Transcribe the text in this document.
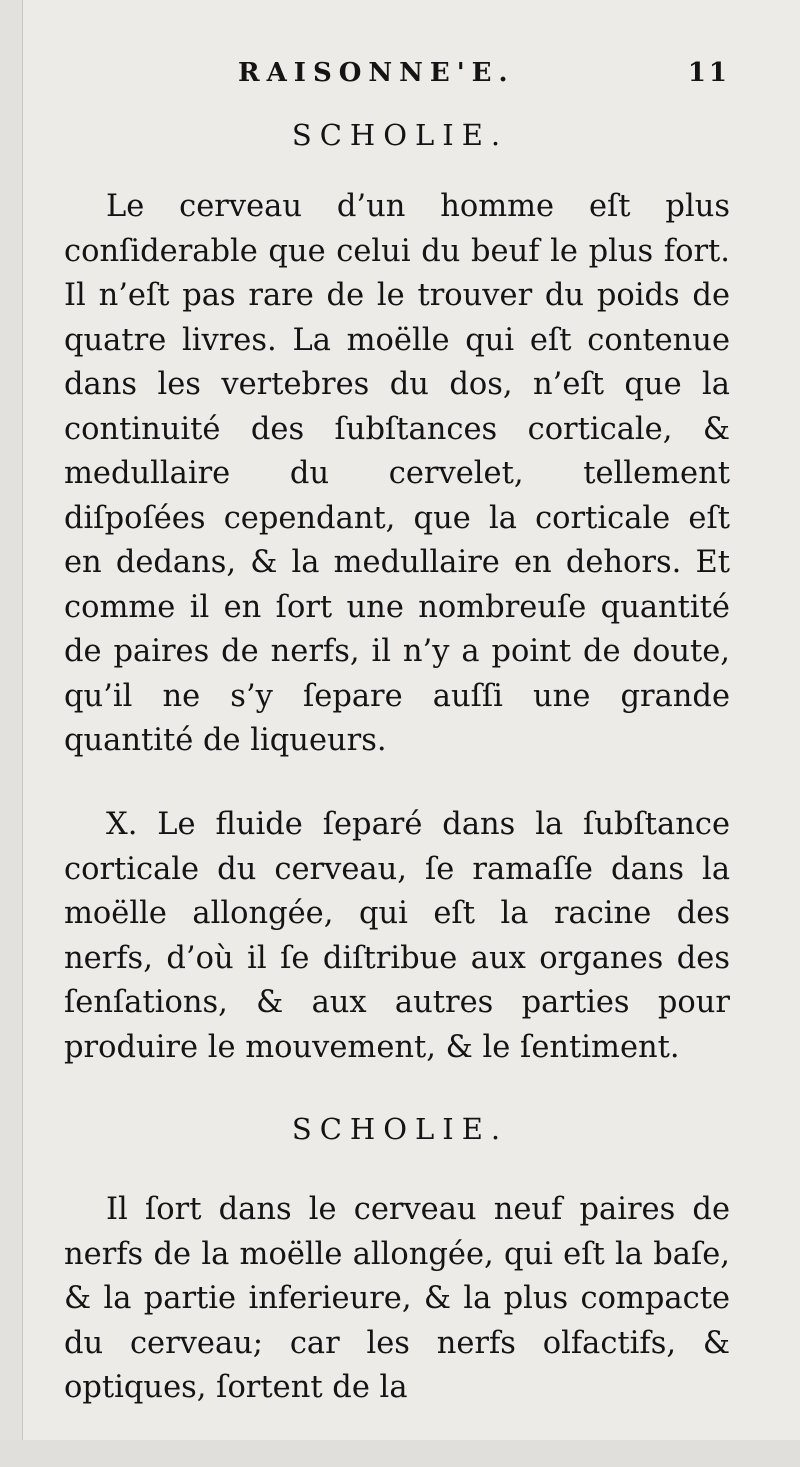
RAISONNE'E.	11
SCHOLIE.
Le cerveau d’un homme eſt plus conſiderable que celui du beuf le plus fort. Il n’eſt pas rare de le trouver du poids de quatre livres. La moëlle qui eſt contenue dans les vertebres du dos, n’eſt que la continuité des ſubſtances corticale, & medullaire du cervelet, tellement diſpoſées cependant, que la corticale eſt en dedans, & la medullaire en dehors. Et comme il en ſort une nombreuſe quantité de paires de nerfs, il n’y a point de doute, qu’il ne s’y ſepare auſſi une grande quantité de liqueurs.
X. Le fluide ſeparé dans la ſubſtance corticale du cerveau, ſe ramaſſe dans la moëlle allongée, qui eſt la racine des nerfs, d’où il ſe diſtribue aux organes des ſenſations, & aux autres parties pour produire le mouvement, & le ſentiment.
SCHOLIE.
Il ſort dans le cerveau neuf paires de nerfs de la moëlle allongée, qui eſt la baſe, & la partie inferieure, & la plus compacte du cerveau; car les nerfs olfactifs, & optiques, ſortent de la
